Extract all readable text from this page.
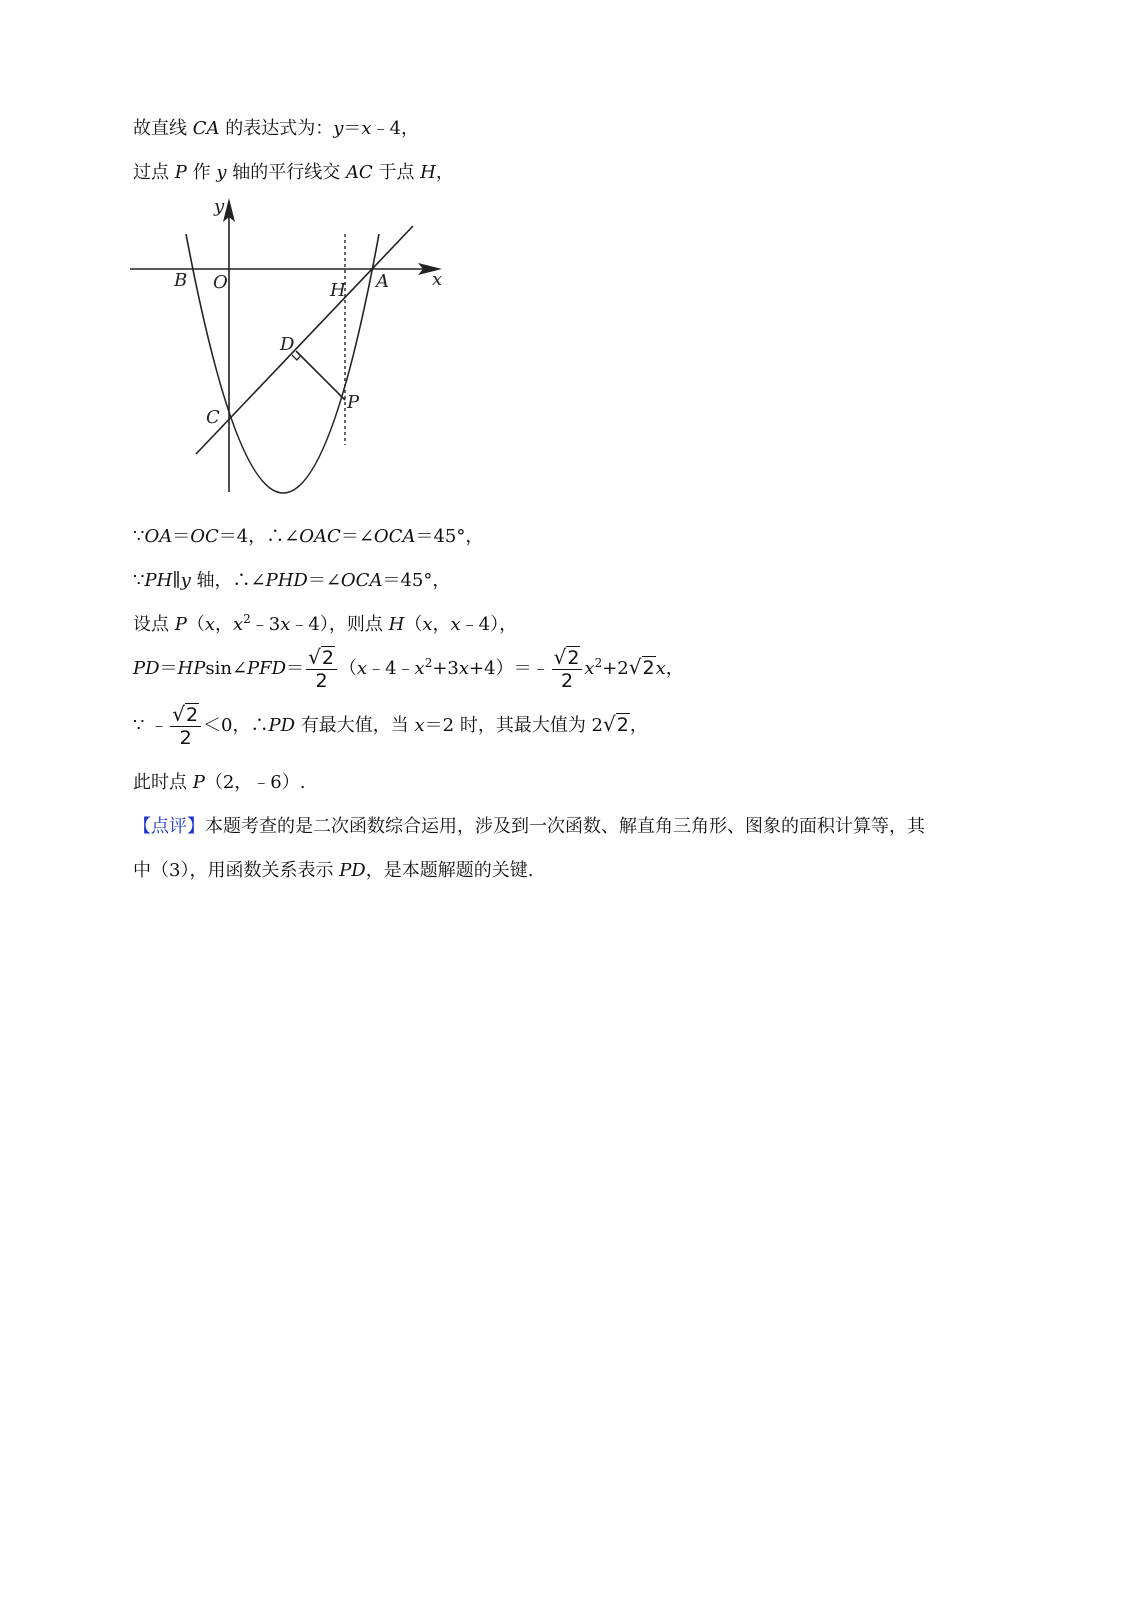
故直线 CA 的表达式为：y＝x﹣4，
过点 P 作 y 轴的平行线交 AC 于点 H，
y
x
B O	H A
D
C
P
∵OA＝OC＝4，∴∠OAC＝∠OCA＝45°，
∵PH∥y 轴，∴∠PHD＝∠OCA＝45°，
设点 P（x，$x^2﹣3x﹣4$），则点 H（x，x﹣4），
PD＝HPsin∠PFD＝ $\frac{√2}{2}$ $(x﹣4﹣x^2+3x+4)=﹣ \frac{√2}{2} x^2+2√2x$，
∵ ﹣ $\frac{√2}{2} <0$，∴PD 有最大值，当 x＝2 时，其最大值为 2√2，
此时点 P（2，﹣6）.
【点评】本题考查的是二次函数综合运用，涉及到一次函数、解直角三角形、图象的面积计算等，其
中（3），用函数关系表示 PD，是本题解题的关键.
